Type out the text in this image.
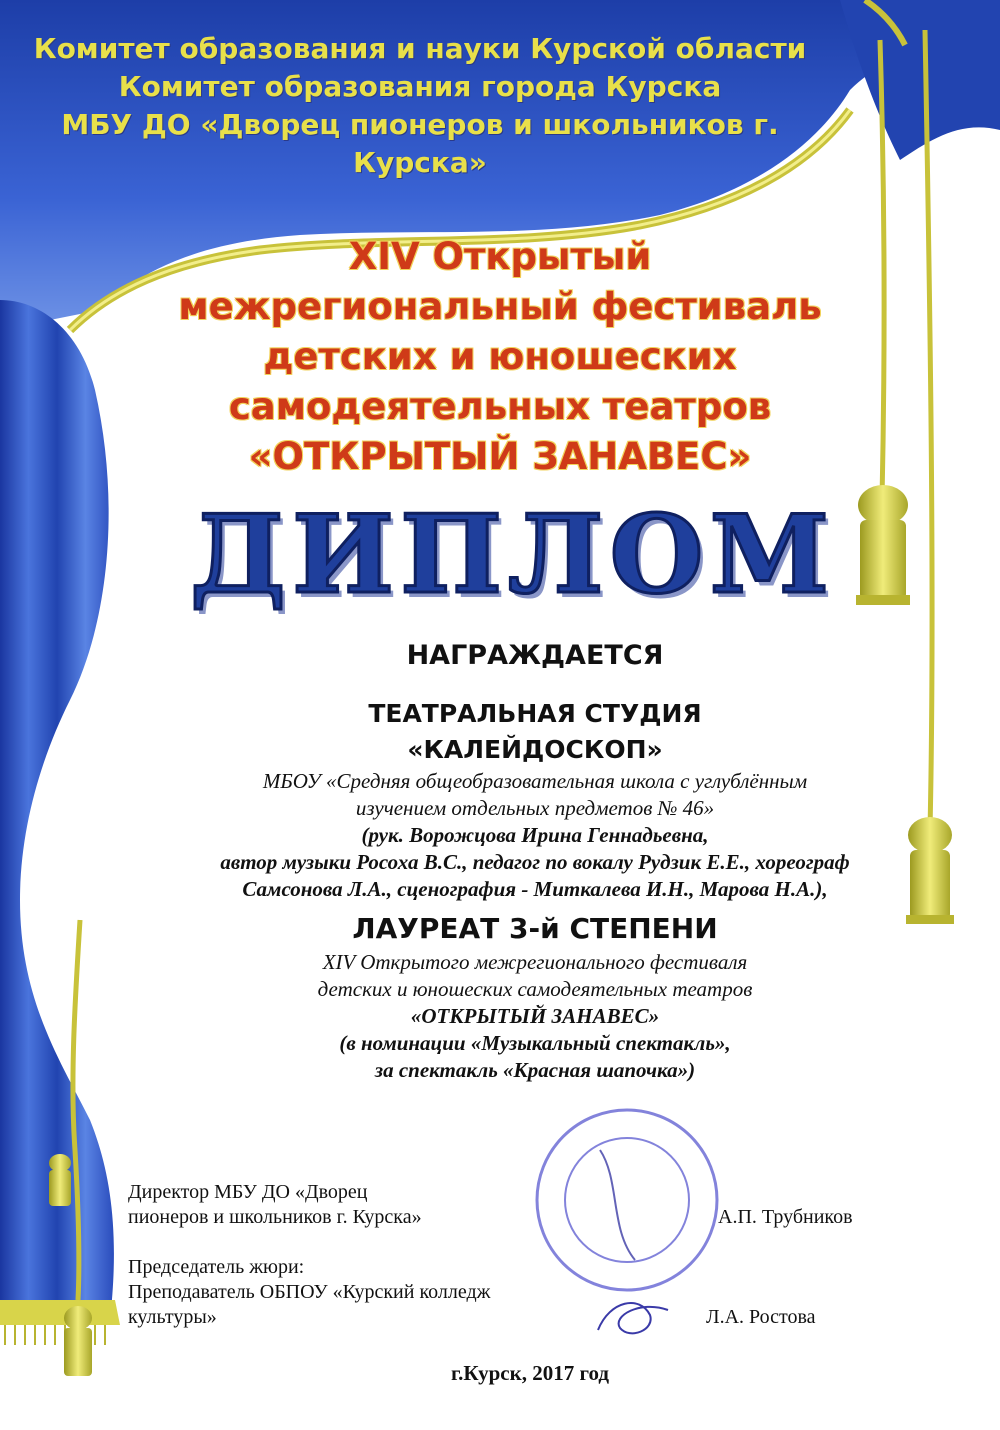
Комитет образования и науки Курской области
Комитет образования города Курска
МБУ ДО «Дворец пионеров и школьников г. Курска»
XIV Открытый
межрегиональный фестиваль
детских и юношеских
самодеятельных театров
«ОТКРЫТЫЙ ЗАНАВЕС»
ДИПЛОМ
НАГРАЖДАЕТСЯ
ТЕАТРАЛЬНАЯ СТУДИЯ
«КАЛЕЙДОСКОП»
МБОУ «Средняя общеобразовательная школа с углублённым
изучением отдельных предметов № 46»
(рук. Ворожцова Ирина Геннадьевна,
автор музыки Росоха В.С., педагог по вокалу Рудзик Е.Е., хореограф
Самсонова Л.А., сценография - Миткалева И.Н., Марова Н.А.),
ЛАУРЕАТ 3-й СТЕПЕНИ
XIV Открытого межрегионального фестиваля
детских и юношеских самодеятельных театров
«ОТКРЫТЫЙ ЗАНАВЕС»
(в номинации «Музыкальный спектакль»,
за спектакль «Красная шапочка»)
Директор МБУ ДО «Дворец
пионеров и школьников г. Курска»	А.П. Трубников
Председатель жюри:
Преподаватель ОБПОУ «Курский колледж
культуры»	Л.А. Ростова
г.Курск, 2017 год
